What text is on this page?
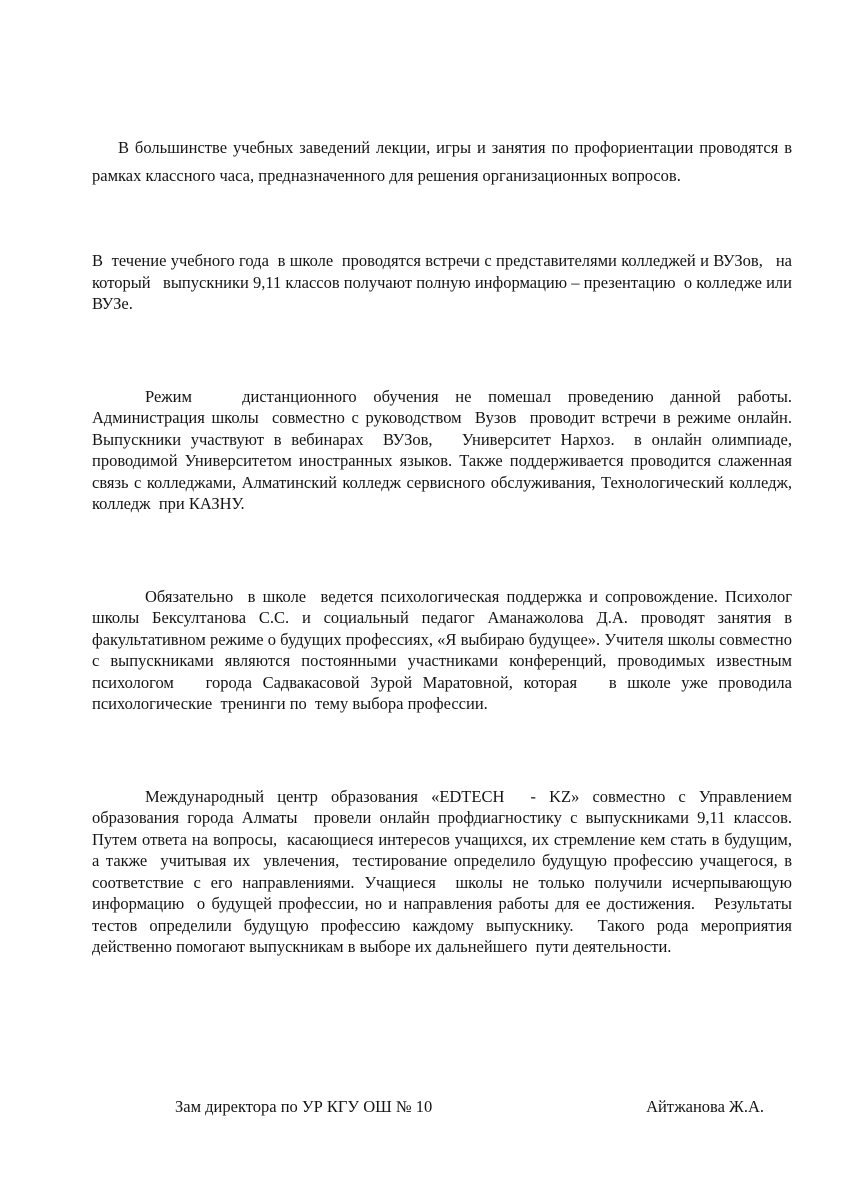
В большинстве учебных заведений лекции, игры и занятия по профориентации проводятся в рамках классного часа, предназначенного для решения организационных вопросов.

В  течение учебного года  в школе  проводятся встречи с представителями колледжей и ВУЗов,   на который   выпускники 9,11 классов получают полную информацию – презентацию  о колледже или ВУЗе.

Режим   дистанционного обучения не помешал проведению данной работы. Администрация школы  совместно с руководством  Вузов  проводит встречи в режиме онлайн. Выпускники участвуют в вебинарах  ВУЗов,   Университет Нархоз.  в онлайн олимпиаде, проводимой Университетом иностранных языков. Также поддерживается проводится слаженная связь с колледжами, Алматинский колледж сервисного обслуживания, Технологический колледж, колледж  при КАЗНУ.

Обязательно  в школе  ведется психологическая поддержка и сопровождение. Психолог школы Бексултанова С.С. и социальный педагог Аманажолова Д.А. проводят занятия в факультативном режиме о будущих профессиях, «Я выбираю будущее». Учителя школы совместно с выпускниками являются постоянными участниками конференций, проводимых известным психологом   города Садвакасовой Зурой Маратовной, которая   в школе уже проводила психологические  тренинги по  тему выбора профессии.

Международный центр образования «EDTECH  - KZ» совместно с Управлением образования города Алматы  провели онлайн профдиагностику с выпускниками 9,11 классов. Путем ответа на вопросы,  касающиеся интересов учащихся, их стремление кем стать в будущим, а также  учитывая их  увлечения,  тестирование определило будущую профессию учащегося, в соответствие с его направлениями. Учащиеся  школы не только получили исчерпывающую информацию  о будущей профессии, но и направления работы для ее достижения.   Результаты тестов определили будущую профессию каждому выпускнику.  Такого рода мероприятия действенно помогают выпускникам в выборе их дальнейшего  пути деятельности.

Зам директора по УР КГУ ОШ № 10	Айтжанова Ж.А.
